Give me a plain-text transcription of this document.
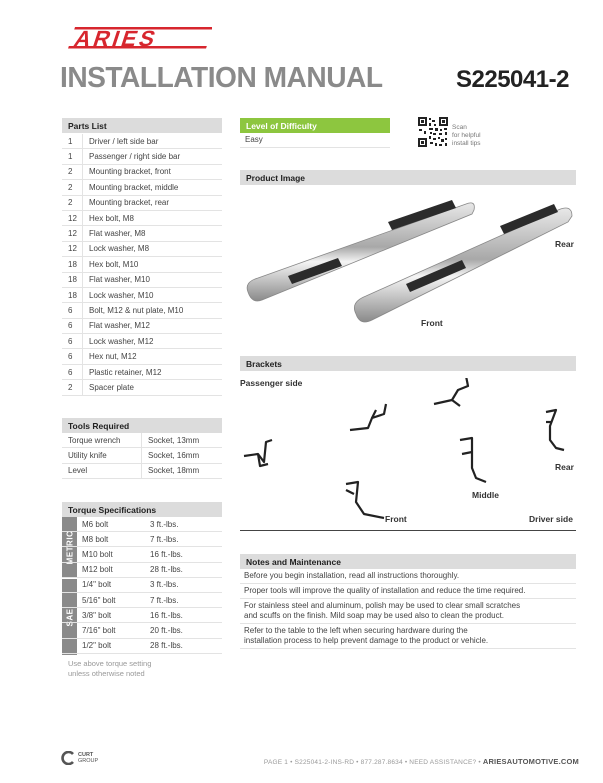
ARIES
INSTALLATION MANUAL	S225041-2
Parts List
1	Driver / left side bar
1	Passenger / right side bar
2	Mounting bracket, front
2	Mounting bracket, middle
2	Mounting bracket, rear
12	Hex bolt, M8
12	Flat washer, M8
12	Lock washer, M8
18	Hex bolt, M10
18	Flat washer, M10
18	Lock washer, M10
6	Bolt, M12 & nut plate, M10
6	Flat washer, M12
6	Lock washer, M12
6	Hex nut, M12
6	Plastic retainer, M12
2	Spacer plate
Tools Required
Torque wrench	Socket, 13mm
Utility knife	Socket, 16mm
Level	Socket, 18mm
Torque Specifications
METRIC
SAE
M6 bolt	3 ft.-lbs.
M8 bolt	7 ft.-lbs.
M10 bolt	16 ft.-lbs.
M12 bolt	28 ft.-lbs.
1/4" bolt	3 ft.-lbs.
5/16" bolt	7 ft.-lbs.
3/8" bolt	16 ft.-lbs.
7/16" bolt	20 ft.-lbs.
1/2" bolt	28 ft.-lbs.
Use above torque setting
unless otherwise noted
Level of Difficulty
Easy
Scan
for helpful
install tips
Product Image
Rear
Front
Brackets
Passenger side
Front
Middle
Rear
Driver side
Notes and Maintenance
Before you begin installation, read all instructions thoroughly.
Proper tools will improve the quality of installation and reduce the time required.
For stainless steel and aluminum, polish may be used to clear small scratches
and scuffs on the finish. Mild soap may be used also to clean the product.
Refer to the table to the left when securing hardware during the
installation process to help prevent damage to the product or vehicle.
CURT
GROUP	PAGE 1 • S225041-2-INS-RD • 877.287.8634 • NEED ASSISTANCE? • ARIESAUTOMOTIVE.COM
